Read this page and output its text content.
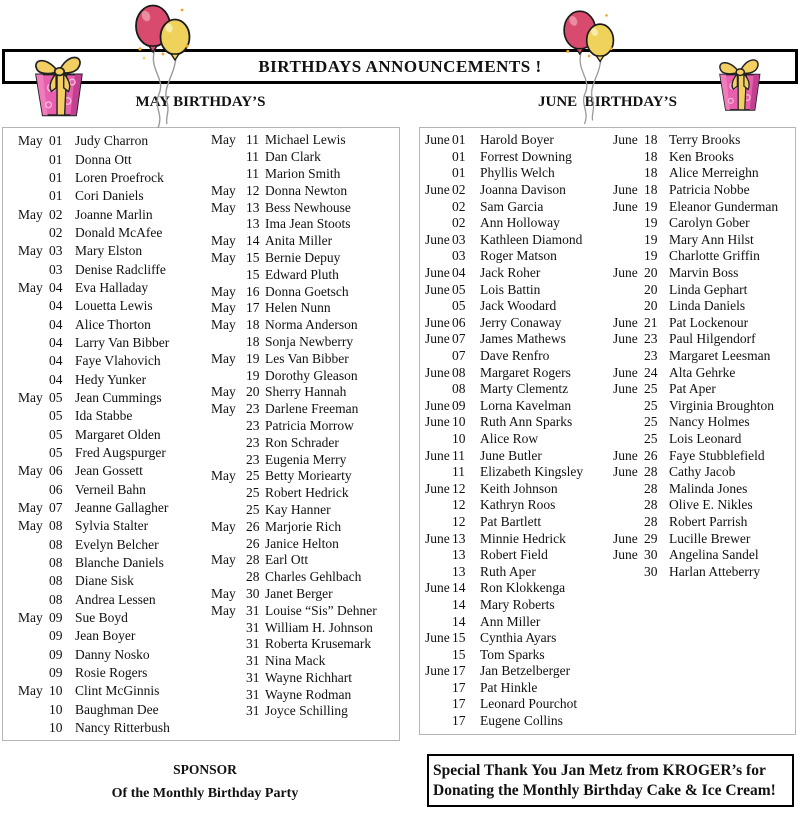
BIRTHDAYS ANNOUNCEMENTS !
MAY BIRTHDAY’S	JUNE  BIRTHDAY’S
May 01 Judy Charron
01 Donna Ott
01 Loren Proefrock
01 Cori Daniels
May 02 Joanne Marlin
02 Donald McAfee
May 03 Mary Elston
03 Denise Radcliffe
May 04 Eva Halladay
04 Louetta Lewis
04 Alice Thorton
04 Larry Van Bibber
04 Faye Vlahovich
04 Hedy Yunker
May 05 Jean Cummings
05 Ida Stabbe
05 Margaret Olden
05 Fred Augspurger
May 06 Jean Gossett
06 Verneil Bahn
May 07 Jeanne Gallagher
May 08 Sylvia Stalter
08 Evelyn Belcher
08 Blanche Daniels
08 Diane Sisk
08 Andrea Lessen
May 09 Sue Boyd
09 Jean Boyer
09 Danny Nosko
09 Rosie Rogers
May 10 Clint McGinnis
10 Baughman Dee
10 Nancy Ritterbush
May 11 Michael Lewis
11 Dan Clark
11 Marion Smith
May 12 Donna Newton
May 13 Bess Newhouse
13 Ima Jean Stoots
May 14 Anita Miller
May 15 Bernie Depuy
15 Edward Pluth
May 16 Donna Goetsch
May 17 Helen Nunn
May 18 Norma Anderson
18 Sonja Newberry
May 19 Les Van Bibber
19 Dorothy Gleason
May 20 Sherry Hannah
May 23 Darlene Freeman
23 Patricia Morrow
23 Ron Schrader
23 Eugenia Merry
May 25 Betty Moriearty
25 Robert Hedrick
25 Kay Hanner
May 26 Marjorie Rich
26 Janice Helton
May 28 Earl Ott
28 Charles Gehlbach
May 30 Janet Berger
May 31 Louise “Sis” Dehner
31 William H. Johnson
31 Roberta Krusemark
31 Nina Mack
31 Wayne Richhart
31 Wayne Rodman
31 Joyce Schilling
June 01	Harold Boyer
01	Forrest Downing
01	Phyllis Welch
June 02	Joanna Davison
02	Sam Garcia
02	Ann Holloway
June 03	Kathleen Diamond
03	Roger Matson
June 04	Jack Roher
June 05	Lois Battin
05	Jack Woodard
June 06	Jerry Conaway
June 07	James Mathews
07	Dave Renfro
June 08	Margaret Rogers
08	Marty Clementz
June 09	Lorna Kavelman
June 10	Ruth Ann Sparks
10	Alice Row
June 11	June Butler
11	Elizabeth Kingsley
June 12	Keith Johnson
12	Kathryn Roos
12	Pat Bartlett
June 13	Minnie Hedrick
13	Robert Field
13	Ruth Aper
June 14	Ron Klokkenga
14	Mary Roberts
14	Ann Miller
June 15	Cynthia Ayars
15	Tom Sparks
June 17	Jan Betzelberger
17	Pat Hinkle
17	Leonard Pourchot
17	Eugene Collins
June 18 Terry Brooks
18 Ken Brooks
18 Alice Merreighn
June 18 Patricia Nobbe
June 19 Eleanor Gunderman
19 Carolyn Gober
19 Mary Ann Hilst
19 Charlotte Griffin
June 20 Marvin Boss
20 Linda Gephart
20 Linda Daniels
June 21 Pat Lockenour
June 23 Paul Hilgendorf
23 Margaret Leesman
June 24 Alta Gehrke
June 25 Pat Aper
25 Virginia Broughton
25 Nancy Holmes
25 Lois Leonard
June 26 Faye Stubblefield
June 28 Cathy Jacob
28 Malinda Jones
28 Olive E. Nikles
28 Robert Parrish
June 29 Lucille Brewer
June 30 Angelina Sandel
30 Harlan Atteberry
SPONSOR
Of the Monthly Birthday Party
Special Thank You Jan Metz from KROGER’s for
Donating the Monthly Birthday Cake & Ice Cream!
